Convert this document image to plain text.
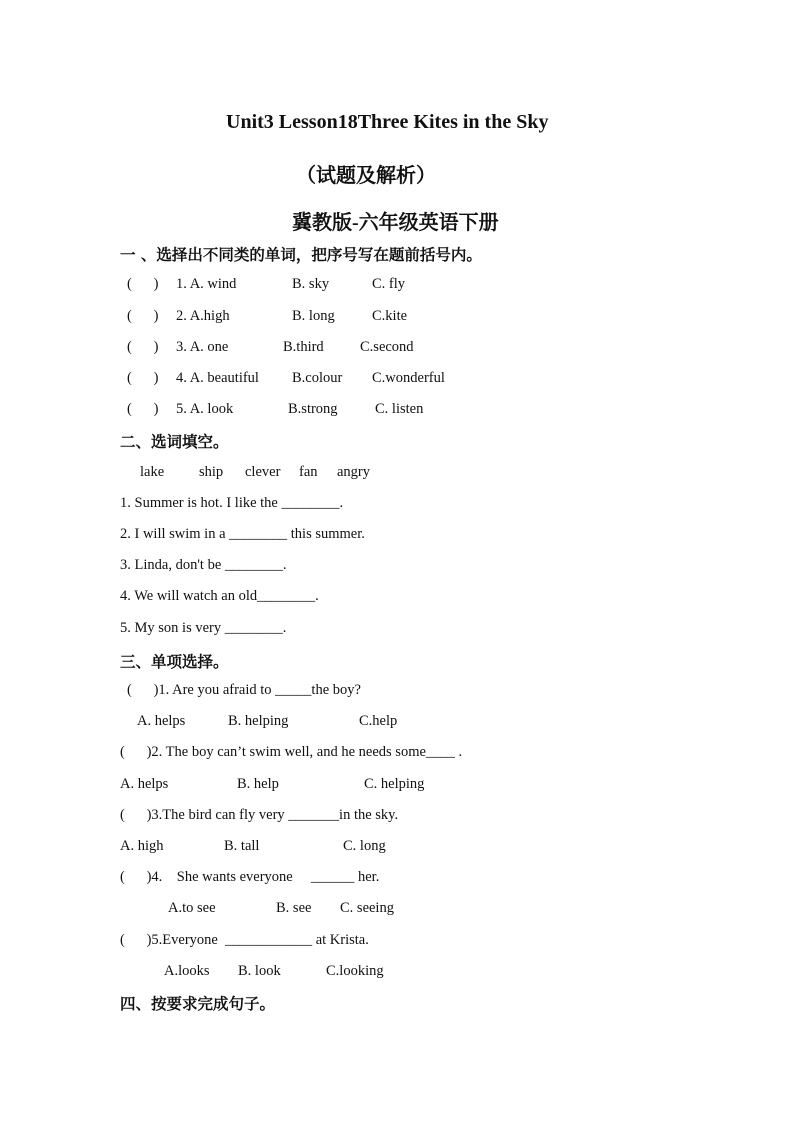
Unit3 Lesson18Three Kites in the Sky
（试题及解析）
冀教版-六年级英语下册
一 、选择出不同类的单词，把序号写在题前括号内。
(      ) 1. A. wind	B. sky	C. fly
(      ) 2. A.high	B. long	C.kite
(      ) 3. A. one	B.third	C.second
(      ) 4. A. beautiful B.colour C.wonderful
(      ) 5. A. look	B.strong	C. listen
二、选词填空。
lake ship clever fan angry
1. Summer is hot. I like the ________.
2. I will swim in a ________ this summer.
3. Linda, don't be ________.
4. We will watch an old________.
5. My son is very ________.
三、单项选择。
(      )1. Are you afraid to _____the boy?
A. helps	B. helping	C.help
(      )2. The boy can’t swim well, and he needs some____ .
A. helps	B. help	C. helping
(      )3.The bird can fly very _______in the sky.
A. high	B. tall	C. long
(      )4.    She wants everyone     ______ her.
A.to see	B. see C. seeing
(      )5.Everyone  ____________ at Krista.
A.looks B. look	C.looking
四、按要求完成句子。
